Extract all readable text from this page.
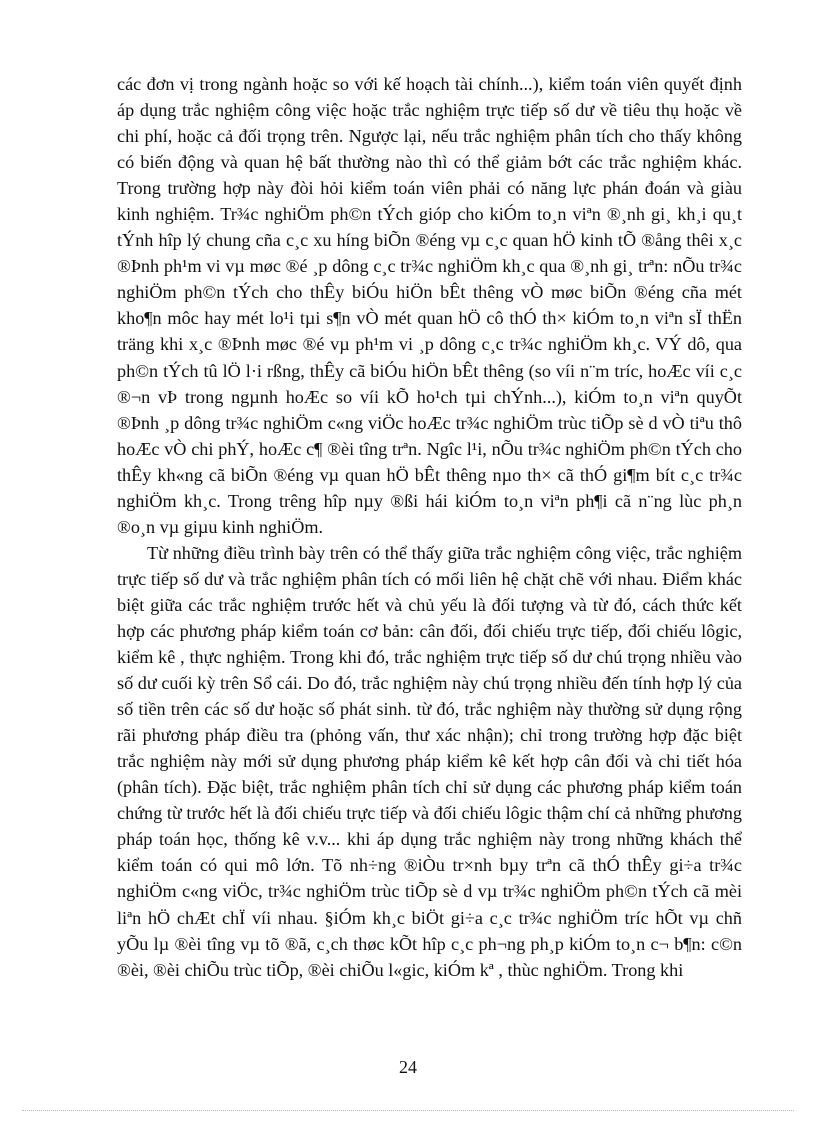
các đơn vị trong ngành hoặc so với kế hoạch tài chính...), kiểm toán viên quyết định áp dụng trắc nghiệm công việc hoặc trắc nghiệm trực tiếp số dư về tiêu thụ hoặc về chi phí, hoặc cả đối trọng trên. Ngược lại, nếu trắc nghiệm phân tích cho thấy không có biến động và quan hệ bất thường nào thì có thể giảm bớt các trắc nghiệm khác. Trong trường hợp này đòi hỏi kiểm toán viên phải có năng lực phán đoán và giàu kinh nghiệm. Tr¾c nghiÖm ph©n tÝch gióp cho kiÓm to¸n viªn ®¸nh gi¸ kh¸i qu¸t tÝnh hîp lý chung cña c¸c xu híng biÕn ®éng vµ c¸c quan hÖ kinh tÕ ®ång thêi x¸c ®Þnh ph¹m vi vµ møc ®é ¸p dông c¸c tr¾c nghiÖm kh¸c qua ®¸nh gi¸ trªn: nÕu tr¾c nghiÖm ph©n tÝch cho thÊy biÓu hiÖn bÊt thêng vÒ møc biÕn ®éng cña mét kho¶n môc hay mét lo¹i tµi s¶n vÒ mét quan hÖ cô thÓ th× kiÓm to¸n viªn sÏ thËn träng khi x¸c ®Þnh møc ®é vµ ph¹m vi ¸p dông c¸c tr¾c nghiÖm kh¸c. VÝ dô, qua ph©n tÝch tû lÖ l·i rßng, thÊy cã biÓu hiÖn bÊt thêng (so víi n¨m tríc, hoÆc víi c¸c ®¬n vÞ trong ngµnh hoÆc so víi kÕ ho¹ch tµi chÝnh...), kiÓm to¸n viªn quyÕt ®Þnh ¸p dông tr¾c nghiÖm c«ng viÖc hoÆc tr¾c nghiÖm trùc tiÕp sè d vÒ tiªu thô hoÆc vÒ chi phÝ, hoÆc c¶ ®èi tîng trªn. Ngîc l¹i, nÕu tr¾c nghiÖm ph©n tÝch cho thÊy kh«ng cã biÕn ®éng vµ quan hÖ bÊt thêng nµo th× cã thÓ gi¶m bít c¸c tr¾c nghiÖm kh¸c. Trong trêng hîp nµy ®ßi hái kiÓm to¸n viªn ph¶i cã n¨ng lùc ph¸n ®o¸n vµ giµu kinh nghiÖm.

Từ những điều trình bày trên có thể thấy giữa trắc nghiệm công việc, trắc nghiệm trực tiếp số dư và trắc nghiệm phân tích có mối liên hệ chặt chẽ với nhau. Điểm khác biệt giữa các trắc nghiệm trước hết và chủ yếu là đối tượng và từ đó, cách thức kết hợp các phương pháp kiểm toán cơ bản: cân đối, đối chiếu trực tiếp, đối chiếu lôgic, kiểm kê , thực nghiệm. Trong khi đó, trắc nghiệm trực tiếp số dư chú trọng nhiều vào số dư cuối kỳ trên Sổ cái. Do đó, trắc nghiệm này chú trọng nhiều đến tính hợp lý của số tiền trên các số dư hoặc số phát sinh. từ đó, trắc nghiệm này thường sử dụng rộng rãi phương pháp điều tra (phỏng vấn, thư xác nhận); chỉ trong trường hợp đặc biệt trắc nghiệm này mới sử dụng phương pháp kiểm kê kết hợp cân đối và chi tiết hóa (phân tích). Đặc biệt, trắc nghiệm phân tích chỉ sử dụng các phương pháp kiểm toán chứng từ trước hết là đối chiếu trực tiếp và đối chiếu lôgic thậm chí cả những phương pháp toán học, thống kê v.v... khi áp dụng trắc nghiệm này trong những khách thể kiểm toán có qui mô lớn. Tõ nh÷ng ®iÒu tr×nh bµy trªn cã thÓ thÊy gi÷a tr¾c nghiÖm c«ng viÖc, tr¾c nghiÖm trùc tiÕp sè d vµ tr¾c nghiÖm ph©n tÝch cã mèi liªn hÖ chÆt chÏ víi nhau. §iÓm kh¸c biÖt gi÷a c¸c tr¾c nghiÖm tríc hÕt vµ chñ yÕu lµ ®èi tîng vµ tõ ®ã, c¸ch thøc kÕt hîp c¸c ph¬ng ph¸p kiÓm to¸n c¬ b¶n: c©n ®èi, ®èi chiÕu trùc tiÕp, ®èi chiÕu l«gic, kiÓm kª , thùc nghiÖm. Trong khi

24
